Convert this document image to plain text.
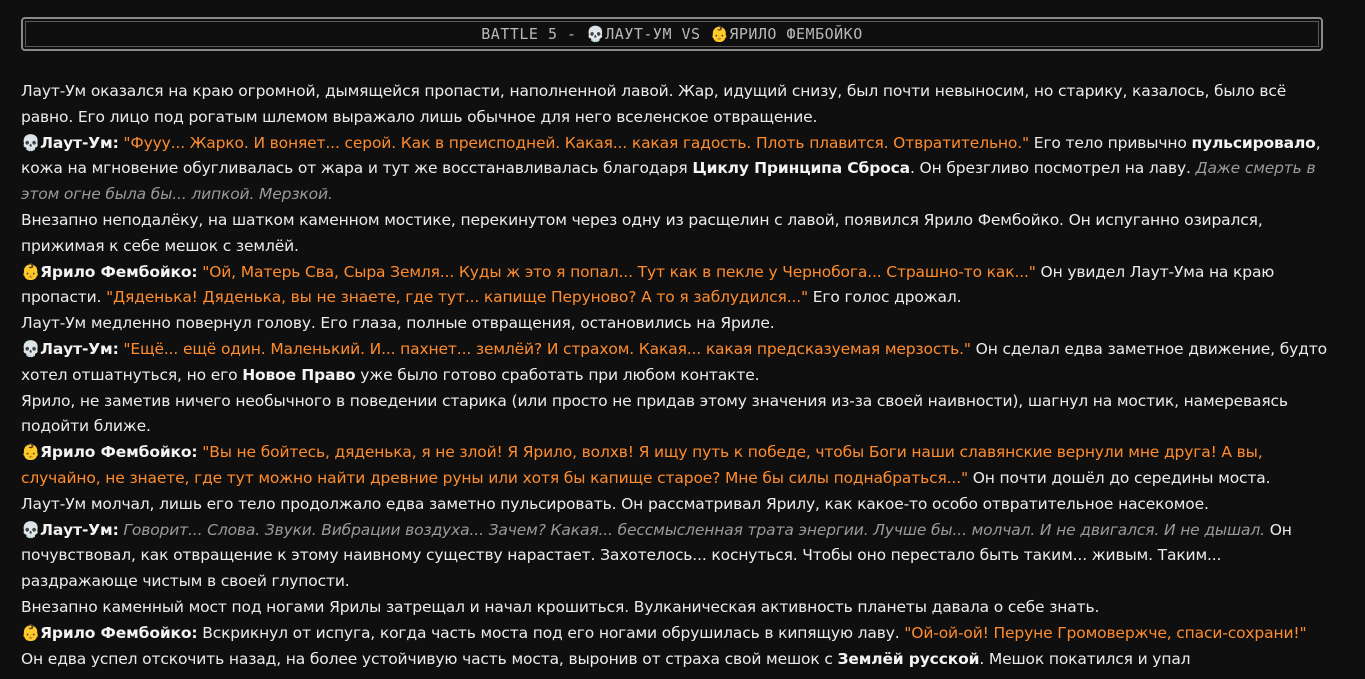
BATTLE 5 - 💀ЛАУТ-УМ VS 👶ЯРИЛО ФЕМБОЙКО

Лаут-Ум оказался на краю огромной, дымящейся пропасти, наполненной лавой. Жар, идущий снизу, был почти невыносим, но старику, казалось, было всё равно. Его лицо под рогатым шлемом выражало лишь обычное для него вселенское отвращение.

💀Лаут-Ум: "Фууу... Жарко. И воняет... серой. Как в преисподней. Какая... какая гадость. Плоть плавится. Отвратительно." Его тело привычно пульсировало, кожа на мгновение обугливалась от жара и тут же восстанавливалась благодаря Циклу Принципа Сброса. Он брезгливо посмотрел на лаву. Даже смерть в этом огне была бы... липкой. Мерзкой.

Внезапно неподалёку, на шатком каменном мостике, перекинутом через одну из расщелин с лавой, появился Ярило Фембойко. Он испуганно озирался, прижимая к себе мешок с землёй.

👶Ярило Фембойко: "Ой, Матерь Сва, Сыра Земля... Куды ж это я попал... Тут как в пекле у Чернобога... Страшно-то как..." Он увидел Лаут-Ума на краю пропасти. "Дяденька! Дяденька, вы не знаете, где тут... капище Перуново? А то я заблудился..." Его голос дрожал.

Лаут-Ум медленно повернул голову. Его глаза, полные отвращения, остановились на Яриле.

💀Лаут-Ум: "Ещё... ещё один. Маленький. И... пахнет... землёй? И страхом. Какая... какая предсказуемая мерзость." Он сделал едва заметное движение, будто хотел отшатнуться, но его Новое Право уже было готово сработать при любом контакте.

Ярило, не заметив ничего необычного в поведении старика (или просто не придав этому значения из-за своей наивности), шагнул на мостик, намереваясь подойти ближе.

👶Ярило Фембойко: "Вы не бойтесь, дяденька, я не злой! Я Ярило, волхв! Я ищу путь к победе, чтобы Боги наши славянские вернули мне друга! А вы, случайно, не знаете, где тут можно найти древние руны или хотя бы капище старое? Мне бы силы поднабраться..." Он почти дошёл до середины моста.

Лаут-Ум молчал, лишь его тело продолжало едва заметно пульсировать. Он рассматривал Ярилу, как какое-то особо отвратительное насекомое.

💀Лаут-Ум: Говорит... Слова. Звуки. Вибрации воздуха... Зачем? Какая... бессмысленная трата энергии. Лучше бы... молчал. И не двигался. И не дышал. Он почувствовал, как отвращение к этому наивному существу нарастает. Захотелось... коснуться. Чтобы оно перестало быть таким... живым. Таким... раздражающе чистым в своей глупости.

Внезапно каменный мост под ногами Ярилы затрещал и начал крошиться. Вулканическая активность планеты давала о себе знать.

👶Ярило Фембойко: Вскрикнул от испуга, когда часть моста под его ногами обрушилась в кипящую лаву. "Ой-ой-ой! Перуне Громовержче, спаси-сохрани!" Он едва успел отскочить назад, на более устойчивую часть моста, выронив от страха свой мешок с Землёй русской. Мешок покатился и упал
